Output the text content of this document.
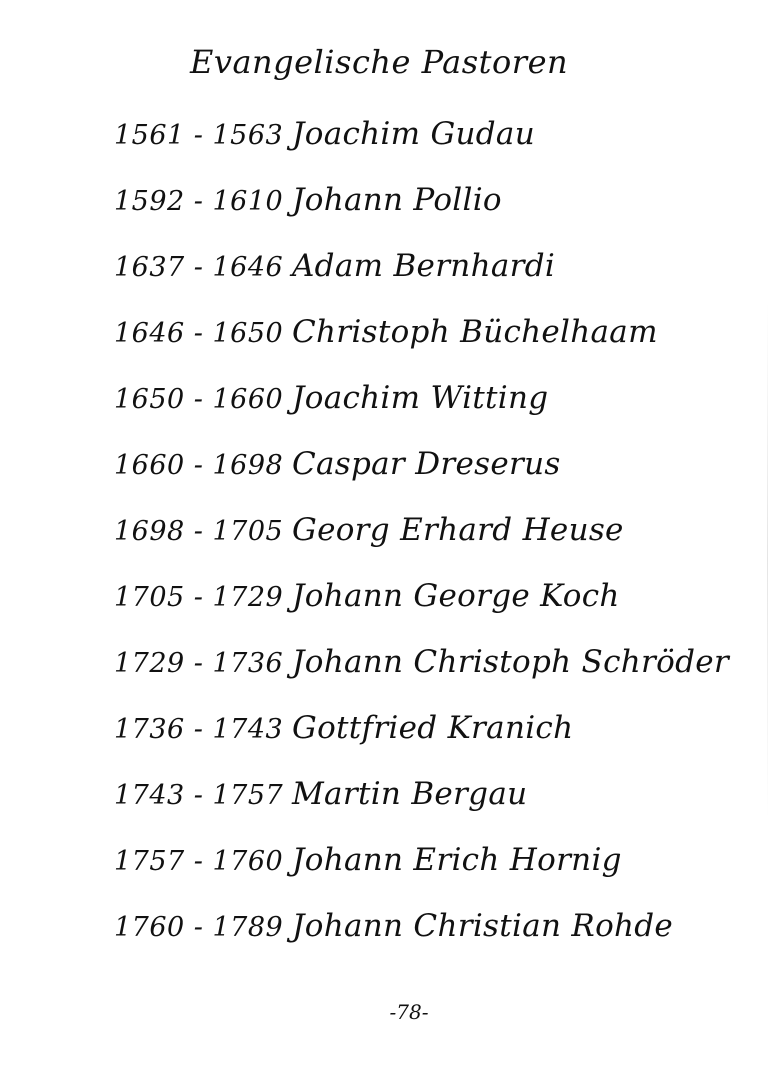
Evangelische Pastoren
1561 - 1563 Joachim Gudau
1592 - 1610 Johann Pollio
1637 - 1646 Adam Bernhardi
1646 - 1650 Christoph Büchelhaam
1650 - 1660 Joachim Witting
1660 - 1698 Caspar Dreserus
1698 - 1705 Georg Erhard Heuse
1705 - 1729 Johann George Koch
1729 - 1736 Johann Christoph Schröder
1736 - 1743 Gottfried Kranich
1743 - 1757 Martin Bergau
1757 - 1760 Johann Erich Hornig
1760 - 1789 Johann Christian Rohde
-78-
